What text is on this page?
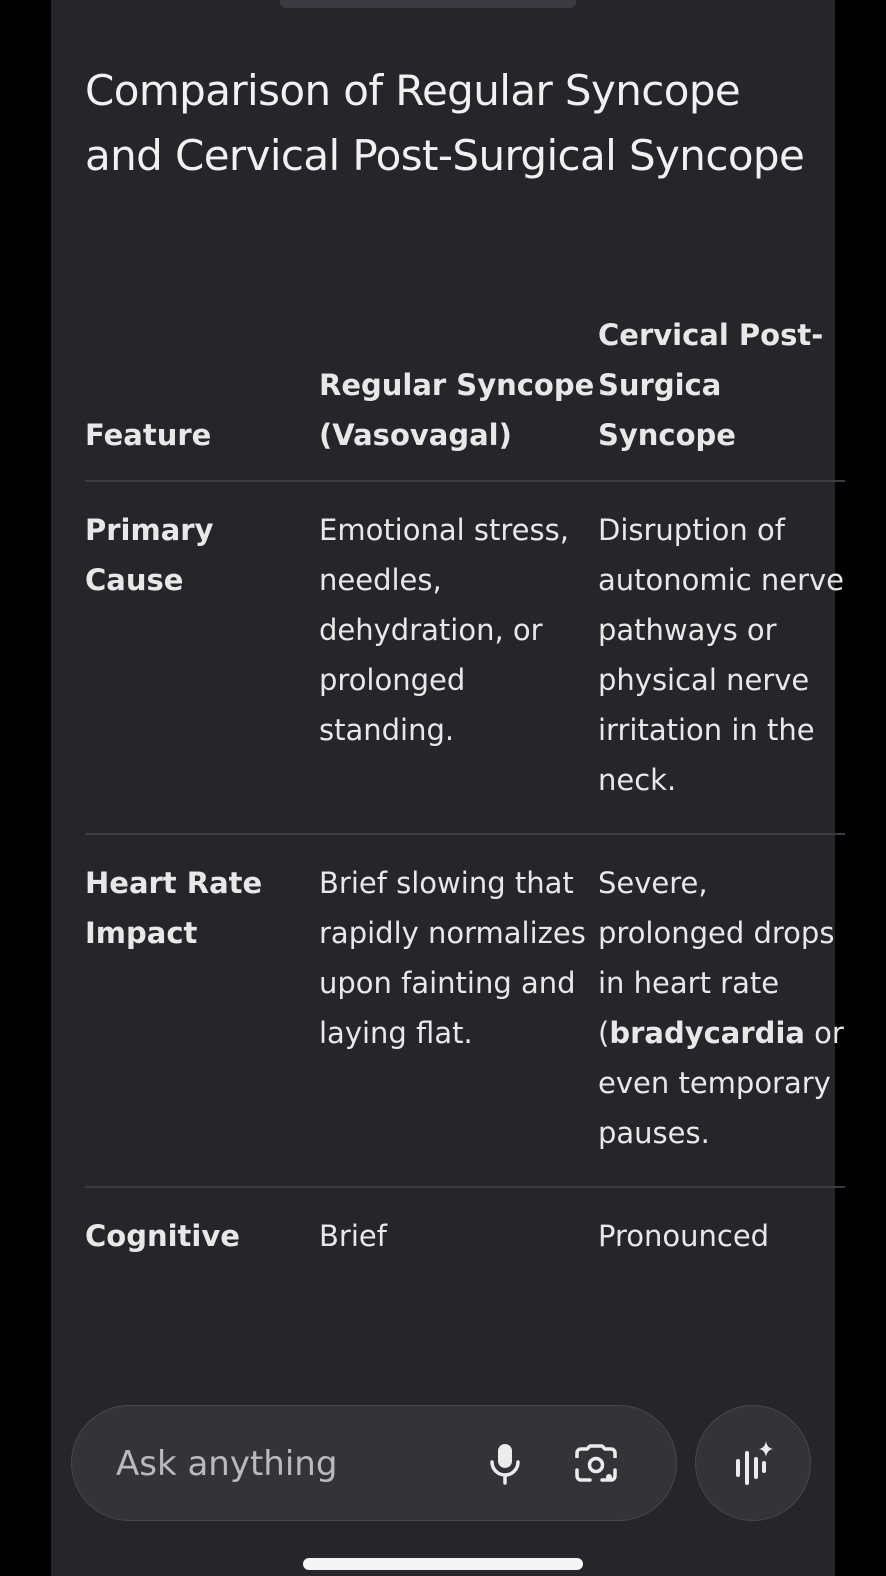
Comparison of Regular Syncope and Cervical Post-Surgical Syncope
Feature	Regular Syncope (Vasovagal)	Cervical Post-Surgica Syncope
Primary Cause	Emotional stress, needles, dehydration, or prolonged standing.	Disruption of autonomic nerve pathways or physical nerve irritation in the neck.
Heart Rate Impact	Brief slowing that rapidly normalizes upon fainting and laying flat.	Severe, prolonged drops in heart rate (bradycardia or even temporary pauses.
Cognitive	Brief	Pronounced
Ask anything
